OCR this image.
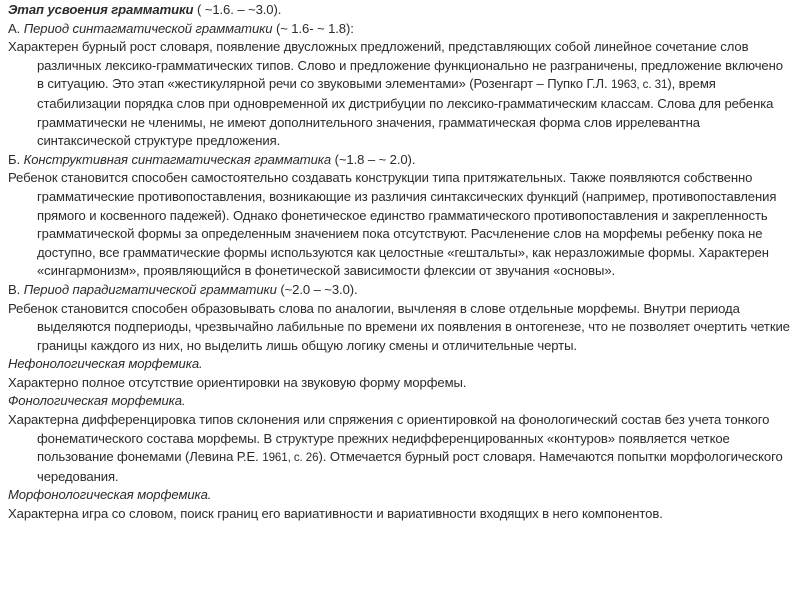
Этап усвоения грамматики ( ~1.6. – ~3.0).

А. Период синтагматической грамматики (~ 1.6- ~ 1.8):

Характерен бурный рост словаря, появление двусложных предложений, представляющих собой линейное сочетание слов различных лексико-грамматических типов. Слово и предложение функционально не разграничены, предложение включено в ситуацию. Это этап «жестикулярной речи со звуковыми элементами» (Розенгарт – Пупко Г.Л. 1963, с. 31), время стабилизации порядка слов при одновременной их дистрибуции по лексико-грамматическим классам. Слова для ребенка грамматически не членимы, не имеют дополнительного значения, грамматическая форма слов иррелевантна синтаксической структуре предложения.

Б. Конструктивная синтагматическая грамматика (~1.8 – ~ 2.0).

Ребенок становится способен самостоятельно создавать конструкции типа притяжательных. Также появляются собственно грамматические противопоставления, возникающие из различия синтаксических функций (например, противопоставления прямого и косвенного падежей). Однако фонетическое единство грамматического противопоставления и закрепленность грамматической формы за определенным значением пока отсутствуют. Расчленение слов на морфемы ребенку пока не доступно, все грамматические формы используются как целостные «гештальты», как неразложимые формы. Характерен «сингармонизм», проявляющийся в фонетической зависимости флексии от звучания «основы».

В. Период парадигматической грамматики (~2.0 – ~3.0).

Ребенок становится способен образовывать слова по аналогии, вычленяя в слове отдельные морфемы. Внутри периода выделяются подпериоды, чрезвычайно лабильные по времени их появления в онтогенезе, что не позволяет очертить четкие границы каждого из них, но выделить лишь общую логику смены и отличительные черты.

Нефонологическая морфемика.

Характерно полное отсутствие ориентировки на звуковую форму морфемы.

Фонологическая морфемика.

Характерна дифференцировка типов склонения или спряжения с ориентировкой на фонологический состав без учета тонкого фонематического состава морфемы. В структуре прежних недифференцированных «контуров» появляется четкое пользование фонемами (Левина Р.Е. 1961, с. 26). Отмечается бурный рост словаря. Намечаются попытки морфологического чередования.

Морфонологическая морфемика.

Характерна игра со словом, поиск границ его вариативности и вариативности входящих в него компонентов.
